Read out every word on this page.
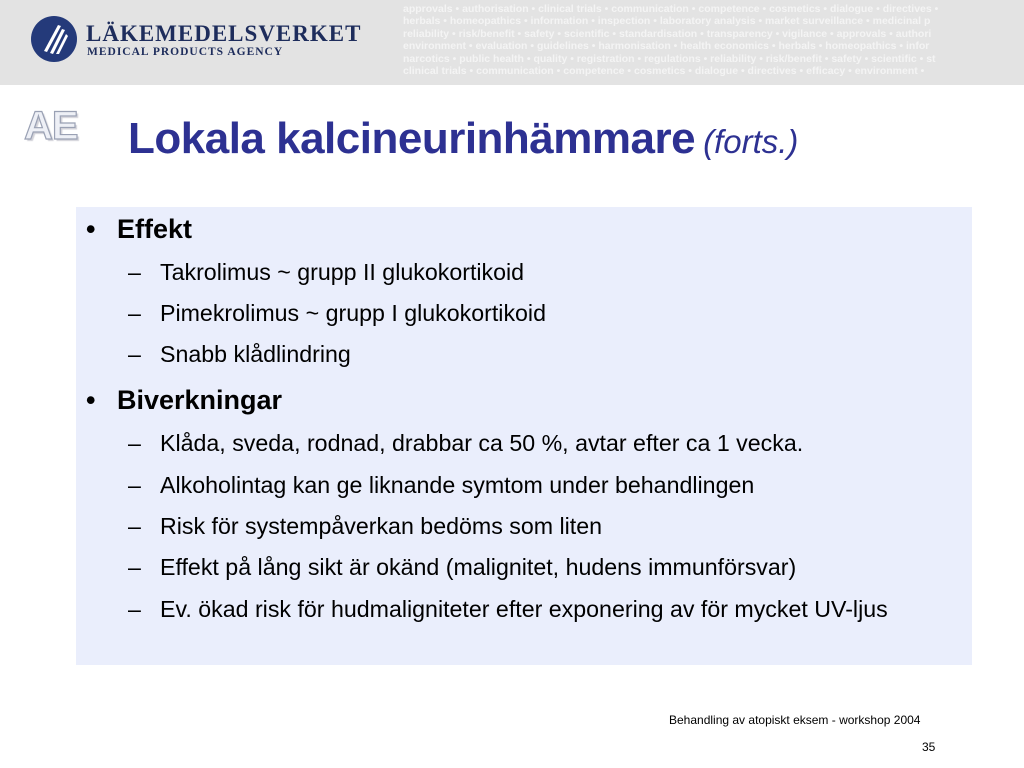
LÄKEMEDELSVERKET
MEDICAL PRODUCTS AGENCY
approvals • authorisation • clinical trials • communication • competence • cosmetics • dialogue • directives •
herbals • homeopathics • information • inspection • laboratory analysis • market surveillance • medicinal p
reliability • risk/benefit • safety • scientific • standardisation • transparency • vigilance • approvals • authori
environment • evaluation • guidelines • harmonisation • health economics • herbals • homeopathics • infor
narcotics • public health • quality • registration • regulations • reliability • risk/benefit • safety • scientific • st
clinical trials • communication • competence • cosmetics • dialogue • directives • efficacy • environment •
AE Lokala kalcineurinhämmare (forts.)
• Effekt
– Takrolimus ~ grupp II glukokortikoid
– Pimekrolimus ~ grupp I glukokortikoid
– Snabb klådlindring
• Biverkningar
– Klåda, sveda, rodnad, drabbar ca 50 %, avtar efter ca 1 vecka.
– Alkoholintag kan ge liknande symtom under behandlingen
– Risk för systempåverkan bedöms som liten
– Effekt på lång sikt är okänd (malignitet, hudens immunförsvar)
– Ev. ökad risk för hudmaligniteter efter exponering av för mycket UV-ljus
Behandling av atopiskt eksem - workshop 2004
35
